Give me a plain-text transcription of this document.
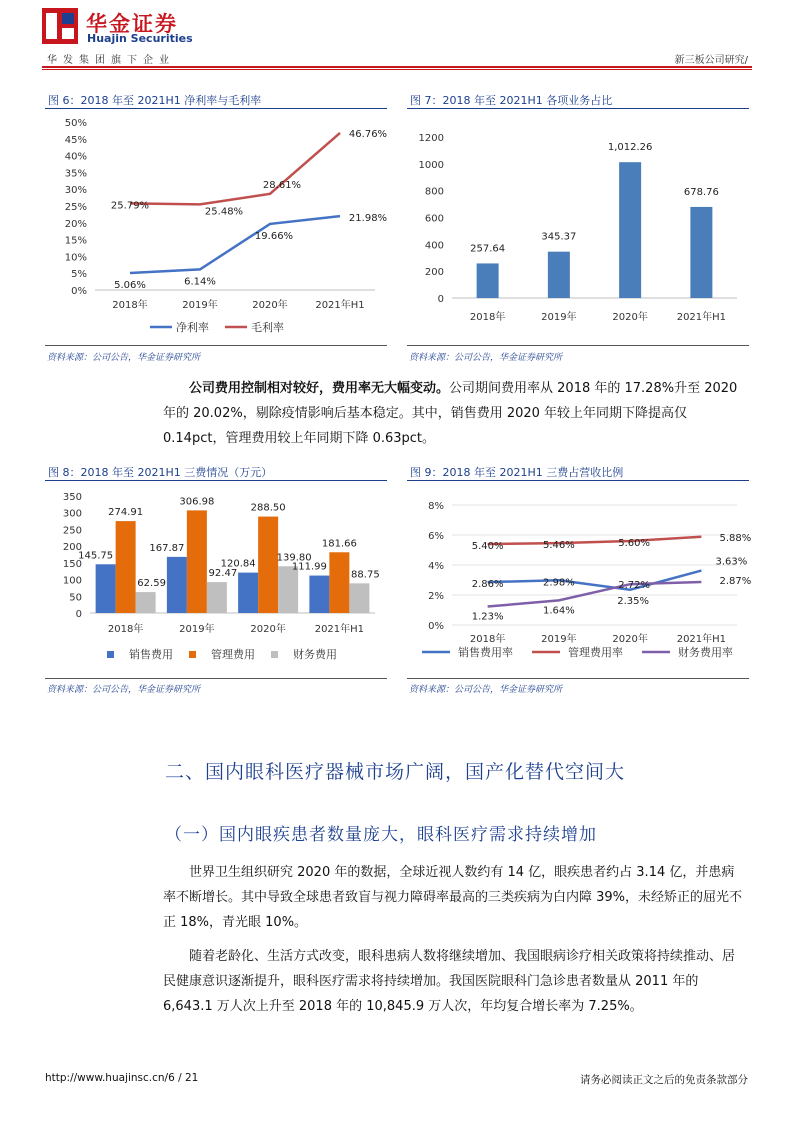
华金证券
Huajin Securities
华发集团旗下企业	新三板公司研究/
图 6：2018 年至 2021H1 净利率与毛利率
0%
5%
10%
15%
20%
25%
30%
35%
40%
45%
50%
2018年	2019年	2020年	2021年H1
5.06%	6.14%
19.66%
21.98%
净利率
25.79%
25.48%
28.61%
46.76%
毛利率
资料来源：公司公告，华金证券研究所
图 7：2018 年至 2021H1 各项业务占比
0
200
400
600
800
1000
1200
257.64
2018年
345.37
2019年
1,012.26
2020年
678.76
2021年H1
资料来源：公司公告，华金证券研究所
公司费用控制相对较好，费用率无大幅变动。公司期间费用率从 2018 年的 17.28%升至 2020 年的 20.02%，剔除疫情影响后基本稳定。其中，销售费用 2020 年较上年同期下降提高仅 0.14pct，管理费用较上年同期下降 0.63pct。
图 8：2018 年至 2021H1 三费情况（万元）
0
50
100
150
200
250
300
350
145.75
274.91
62.59
2018年
167.87
306.98
92.47
2019年
120.84
288.50
139.80
2020年
111.99
181.66
88.75
2021年H1
销售费用	管理费用	财务费用
资料来源：公司公告，华金证券研究所
图 9：2018 年至 2021H1 三费占营收比例
0%
2%
4%
6%
8%
2018年	2019年	2020年	2021年H1
2.86%	2.98%
2.35%
3.63%
销售费用率
5.40%	5.46%	5.60%	5.88%
管理费用率
1.23%
1.64%
2.72%	2.87%
财务费用率
资料来源：公司公告，华金证券研究所
二、国内眼科医疗器械市场广阔，国产化替代空间大
（一）国内眼疾患者数量庞大，眼科医疗需求持续增加
世界卫生组织研究 2020 年的数据，全球近视人数约有 14 亿，眼疾患者约占 3.14 亿，并患病率不断增长。其中导致全球患者致盲与视力障碍率最高的三类疾病为白内障 39%，未经矫正的屈光不正 18%，青光眼 10%。
随着老龄化、生活方式改变，眼科患病人数将继续增加、我国眼病诊疗相关政策将持续推动、居民健康意识逐渐提升，眼科医疗需求将持续增加。我国医院眼科门急诊患者数量从 2011 年的 6,643.1 万人次上升至 2018 年的 10,845.9 万人次，年均复合增长率为 7.25%。
http://www.huajinsc.cn/6 / 21	请务必阅读正文之后的免责条款部分
